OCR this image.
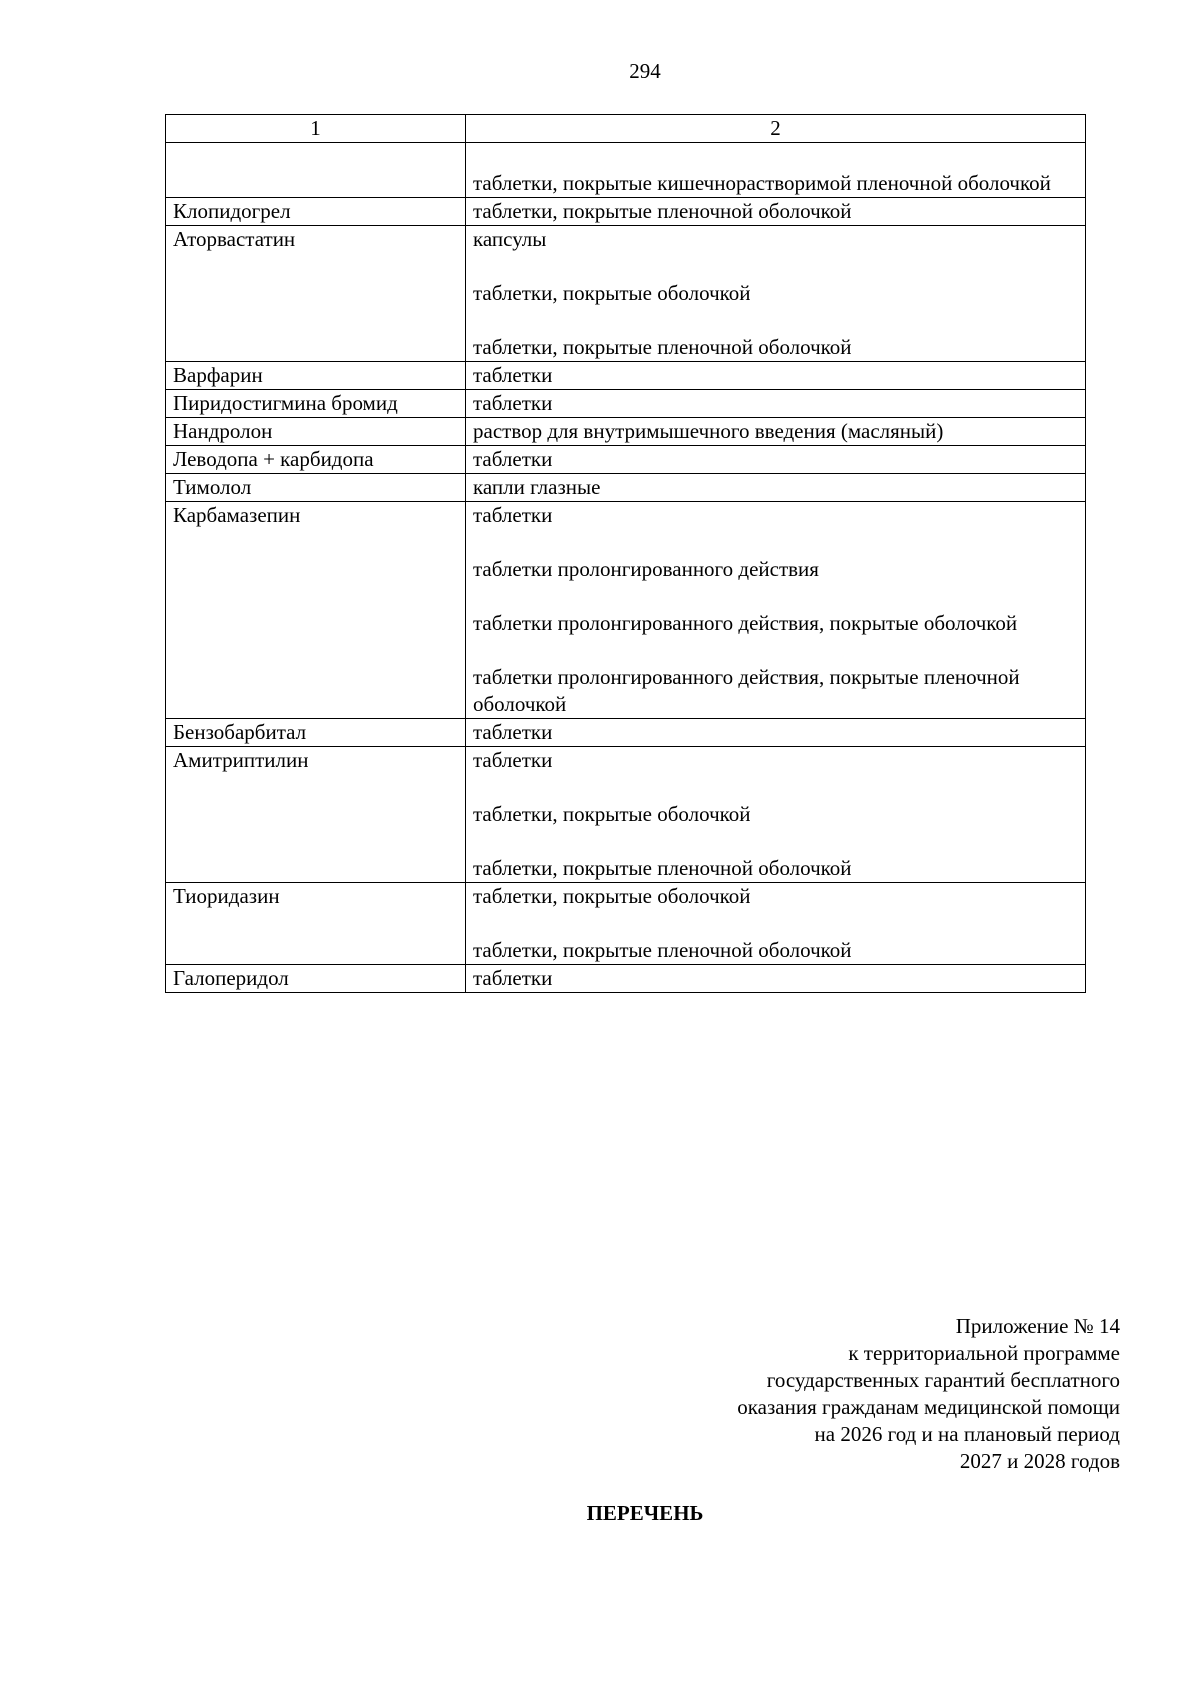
294
1	2

	таблетки, покрытые кишечнорастворимой пленочной оболочкой

Клопидогрел	таблетки, покрытые пленочной оболочкой

Аторвастатин	капсулы
таблетки, покрытые оболочкой
таблетки, покрытые пленочной оболочкой

Варфарин	таблетки

Пиридостигмина бромид	таблетки

Нандролон	раствор для внутримышечного введения (масляный)

Леводопа + карбидопа	таблетки

Тимолол	капли глазные

Карбамазепин	таблетки
таблетки пролонгированного действия
таблетки пролонгированного действия, покрытые оболочкой
таблетки пролонгированного действия, покрытые пленочной оболочкой

Бензобарбитал	таблетки

Амитриптилин	таблетки
таблетки, покрытые оболочкой
таблетки, покрытые пленочной оболочкой

Тиоридазин	таблетки, покрытые оболочкой
таблетки, покрытые пленочной оболочкой

Галоперидол	таблетки
Приложение № 14
к территориальной программе
государственных гарантий бесплатного
оказания гражданам медицинской помощи
на 2026 год и на плановый период
2027 и 2028 годов
ПЕРЕЧЕНЬ
